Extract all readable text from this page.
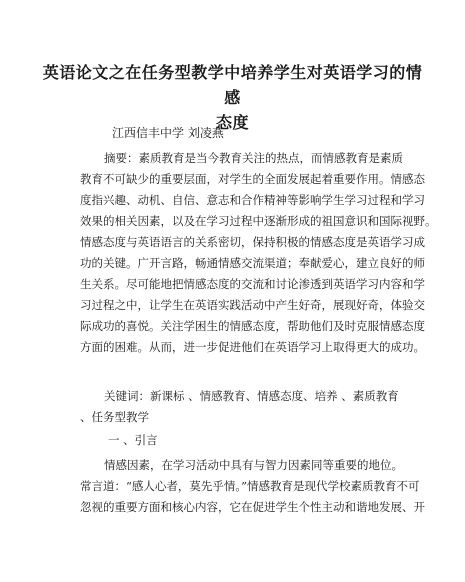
英语论文之在任务型教学中培养学生对英语学习的情感
态度
江西信丰中学 刘凌燕
摘要：素质教育是当今教育关注的热点，而情感教育是素质
教育不可缺少的重要层面，对学生的全面发展起着重要作用。情感态
度指兴趣、动机、自信、意志和合作精神等影响学生学习过程和学习
效果的相关因素，以及在学习过程中逐渐形成的祖国意识和国际视野。
情感态度与英语语言的关系密切，保持积极的情感态度是英语学习成
功的关键。广开言路，畅通情感交流渠道；奉献爱心，建立良好的师
生关系。尽可能地把情感态度的交流和讨论渗透到英语学习内容和学
习过程之中，让学生在英语实践活动中产生好奇，展现好奇，体验交
际成功的喜悦。关注学困生的情感态度，帮助他们及时克服情感态度
方面的困难。从而，进一步促进他们在英语学习上取得更大的成功。
关键词：新课标 、情感教育、情感态度、培养 、素质教育
、任务型教学
一 、引言
情感因素，在学习活动中具有与智力因素同等重要的地位。
常言道：“感人心者，莫先乎情。”情感教育是现代学校素质教育不可
忽视的重要方面和核心内容，它在促进学生个性主动和谐地发展、开
